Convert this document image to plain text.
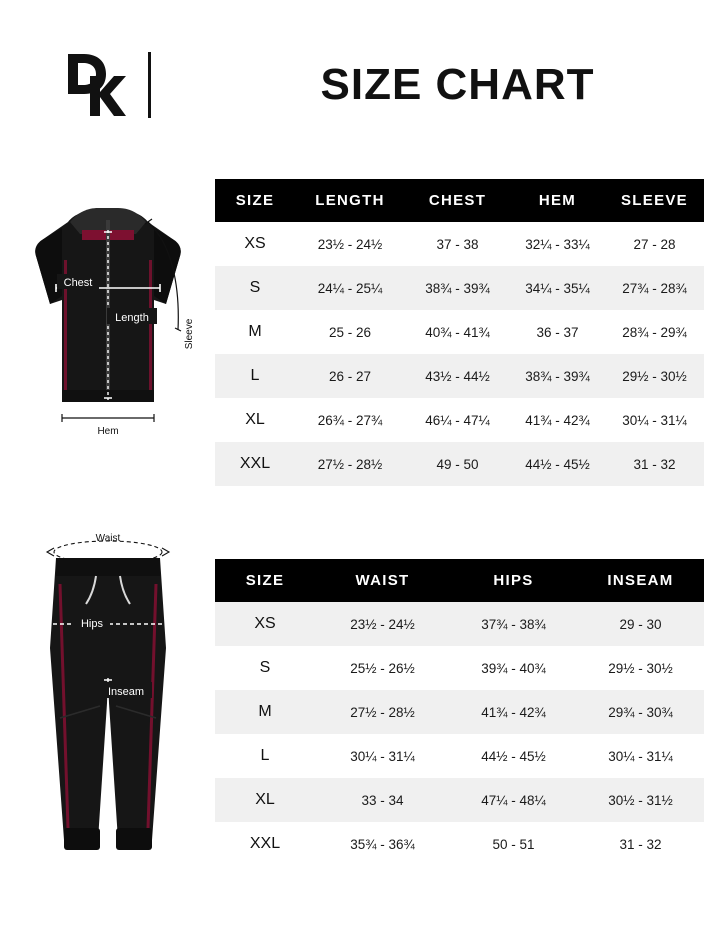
SIZE CHART
Chest
Length
Sleeve
Hem
Waist
Hips
Inseam
SIZE	LENGTH	CHEST	HEM	SLEEVE
XS	23½ - 24½	37 - 38	32¼ - 33¼	27 - 28
S	24¼ - 25¼	38¾ - 39¾	34¼ - 35¼	27¾ - 28¾
M	25 - 26	40¾ - 41¾	36 - 37	28¾ - 29¾
L	26 - 27	43½ - 44½	38¾ - 39¾	29½ - 30½
XL	26¾ - 27¾	46¼ - 47¼	41¾ - 42¾	30¼ - 31¼
XXL	27½ - 28½	49 - 50	44½ - 45½	31 - 32
SIZE	WAIST	HIPS	INSEAM
XS	23½ - 24½	37¾ - 38¾	29 - 30
S	25½ - 26½	39¾ - 40¾	29½ - 30½
M	27½ - 28½	41¾ - 42¾	29¾ - 30¾
L	30¼ - 31¼	44½ - 45½	30¼ - 31¼
XL	33 - 34	47¼ - 48¼	30½ - 31½
XXL	35¾ - 36¾	50 - 51	31 - 32
